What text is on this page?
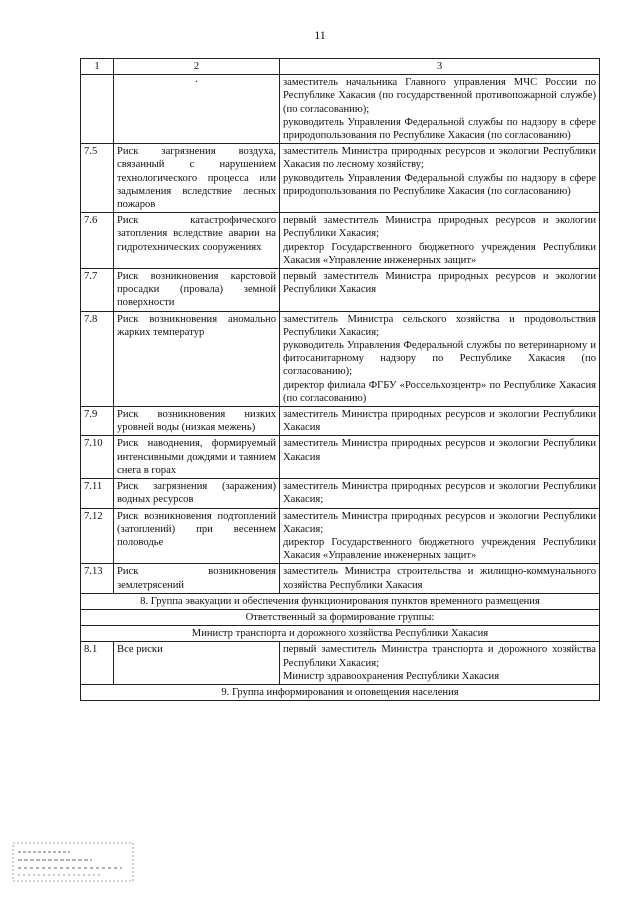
11
1	2	3
	·	заместитель начальника Главного управления МЧС России по Республике Хакасия (по государственной противопожарной службе) (по согласованию);
руководитель Управления Федеральной службы по надзору в сфере природопользования по Республике Хакасия (по согласованию)

7.5	Риск загрязнения воздуха, связанный с нарушением технологического процесса или задымления вследствие лесных пожаров	заместитель Министра природных ресурсов и экологии Республики Хакасия по лесному хозяйству;
руководитель Управления Федеральной службы по надзору в сфере природопользования по Республике Хакасия (по согласованию)

7.6	Риск катастрофического затопления вследствие аварии на гидротехнических сооружениях	первый заместитель Министра природных ресурсов и экологии Республики Хакасия;
директор Государственного бюджетного учреждения Республики Хакасия «Управление инженерных защит»

7.7	Риск возникновения карстовой просадки (провала) земной поверхности	первый заместитель Министра природных ресурсов и экологии Республики Хакасия

7.8	Риск возникновения аномально жарких температур	заместитель Министра сельского хозяйства и продовольствия Республики Хакасия;
руководитель Управления Федеральной службы по ветеринарному и фитосанитарному надзору по Республике Хакасия (по согласованию);
директор филиала ФГБУ «Россельхозцентр» по Республике Хакасия (по согласованию)

7.9	Риск возникновения низких уровней воды (низкая межень)	заместитель Министра природных ресурсов и экологии Республики Хакасия

7.10	Риск наводнения, формируемый интенсивными дождями и таянием снега в горах	заместитель Министра природных ресурсов и экологии Республики Хакасия

7.11	Риск загрязнения (заражения) водных ресурсов	заместитель Министра природных ресурсов и экологии Республики Хакасия;

7.12	Риск возникновения подтоплений (затоплений) при весеннем половодье	заместитель Министра природных ресурсов и экологии Республики Хакасия;
директор Государственного бюджетного учреждения Республики Хакасия «Управление инженерных защит»

7.13	Риск возникновения землетрясений	заместитель Министра строительства и жилищно-коммунального хозяйства Республики Хакасия

8. Группа эвакуации и обеспечения функционирования пунктов временного размещения		
Ответственный за формирование группы:		
Министр транспорта и дорожного хозяйства Республики Хакасия		
8.1	Все риски	первый заместитель Министра транспорта и дорожного хозяйства Республики Хакасия;
Министр здравоохранения Республики Хакасия

9. Группа информирования и оповещения населения		
